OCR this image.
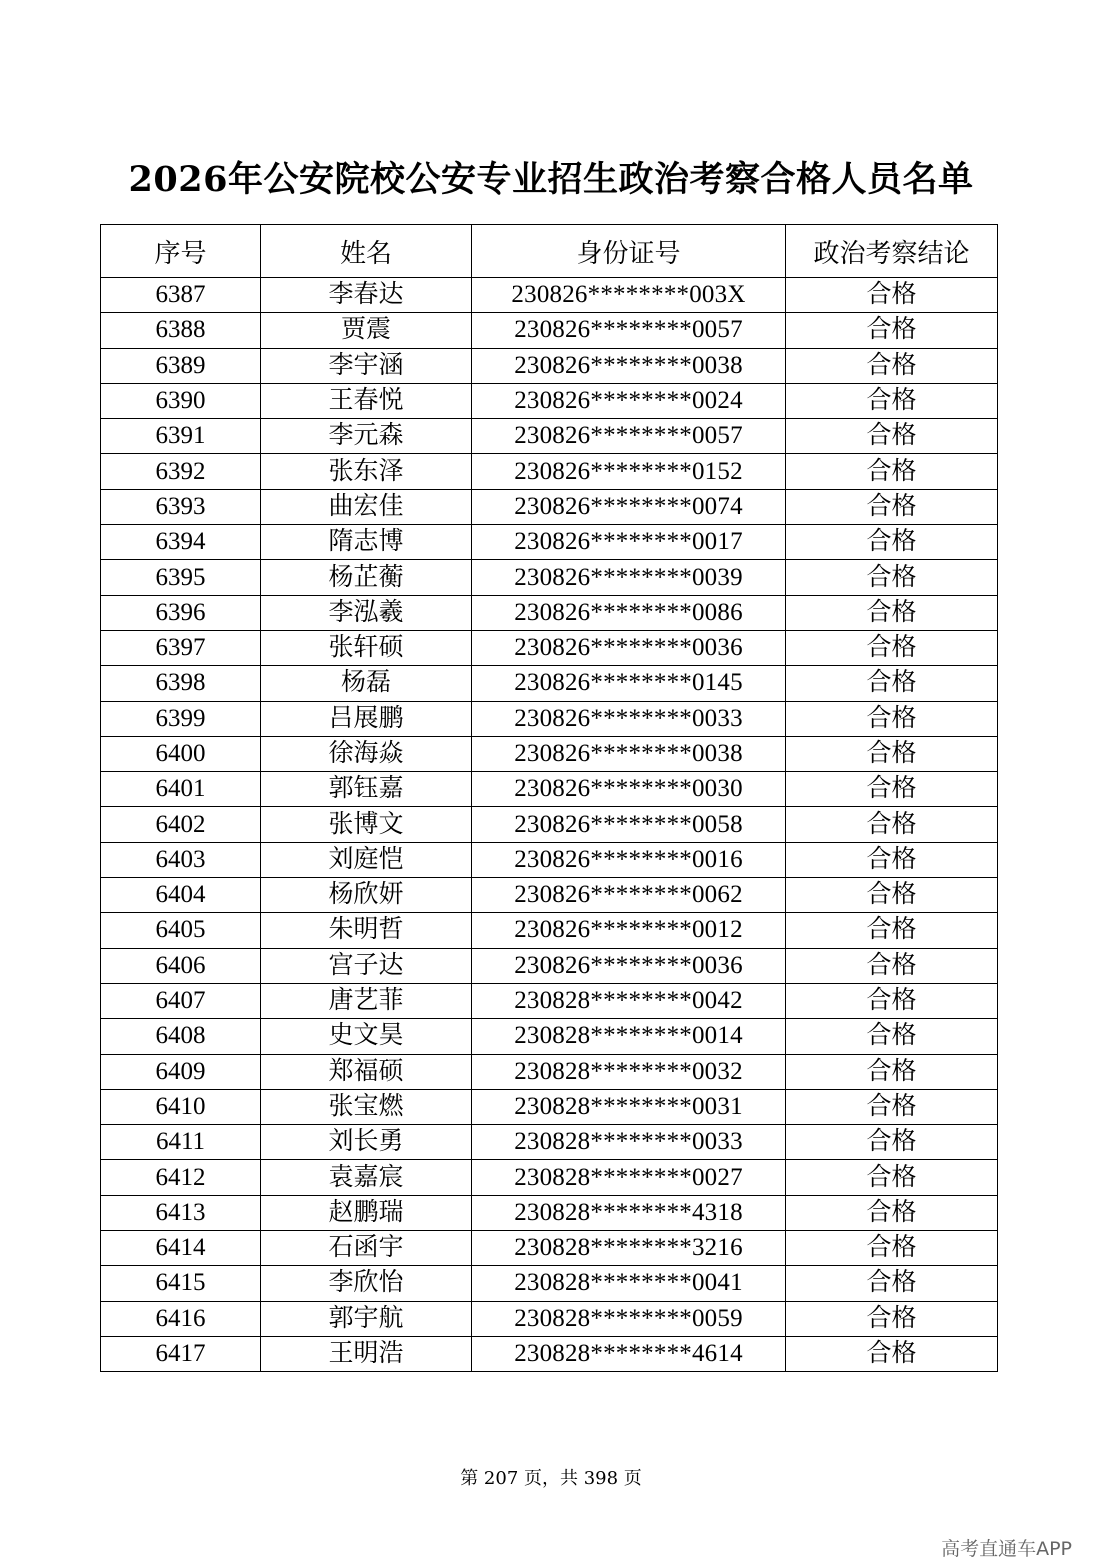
2026年公安院校公安专业招生政治考察合格人员名单
序号	姓名	身份证号	政治考察结论
6387	李春达	230826********003X	合格
6388	贾震	230826********0057	合格
6389	李宇涵	230826********0038	合格
6390	王春悦	230826********0024	合格
6391	李元森	230826********0057	合格
6392	张东泽	230826********0152	合格
6393	曲宏佳	230826********0074	合格
6394	隋志博	230826********0017	合格
6395	杨芷蘅	230826********0039	合格
6396	李泓羲	230826********0086	合格
6397	张轩硕	230826********0036	合格
6398	杨磊	230826********0145	合格
6399	吕展鹏	230826********0033	合格
6400	徐海焱	230826********0038	合格
6401	郭钰嘉	230826********0030	合格
6402	张博文	230826********0058	合格
6403	刘庭恺	230826********0016	合格
6404	杨欣妍	230826********0062	合格
6405	朱明哲	230826********0012	合格
6406	宫子达	230826********0036	合格
6407	唐艺菲	230828********0042	合格
6408	史文昊	230828********0014	合格
6409	郑福硕	230828********0032	合格
6410	张宝燃	230828********0031	合格
6411	刘长勇	230828********0033	合格
6412	袁嘉宸	230828********0027	合格
6413	赵鹏瑞	230828********4318	合格
6414	石函宇	230828********3216	合格
6415	李欣怡	230828********0041	合格
6416	郭宇航	230828********0059	合格
6417	王明浩	230828********4614	合格
第 207 页，共 398 页
高考直通车APP
